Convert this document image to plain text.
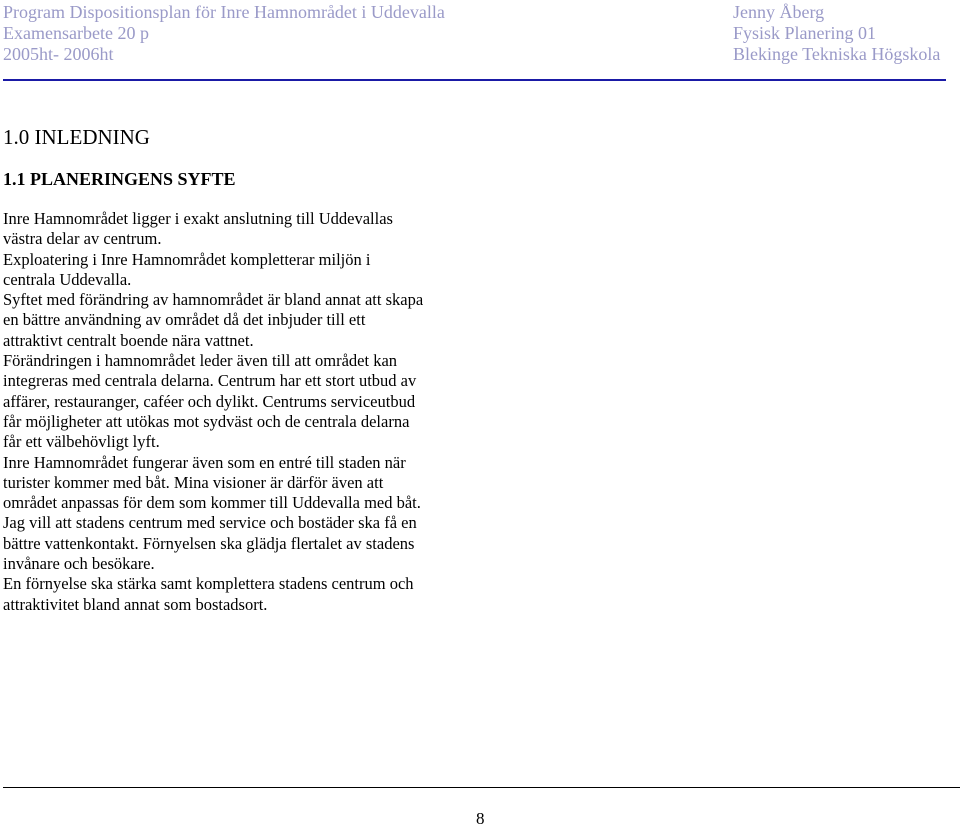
Program Dispositionsplan för Inre Hamnområdet i Uddevalla
Examensarbete 20 p
2005ht- 2006ht
Jenny Åberg
Fysisk Planering 01
Blekinge Tekniska Högskola
1.0 INLEDNING
1.1 PLANERINGENS SYFTE
Inre Hamnområdet ligger i exakt anslutning till Uddevallas
västra delar av centrum.
Exploatering i Inre Hamnområdet kompletterar miljön i
centrala Uddevalla.
Syftet med förändring av hamnområdet är bland annat att skapa
en bättre användning av området då det inbjuder till ett
attraktivt centralt boende nära vattnet.
Förändringen i hamnområdet leder även till att området kan
integreras med centrala delarna. Centrum har ett stort utbud av
affärer, restauranger, caféer och dylikt. Centrums serviceutbud
får möjligheter att utökas mot sydväst och de centrala delarna
får ett välbehövligt lyft.
Inre Hamnområdet fungerar även som en entré till staden när
turister kommer med båt. Mina visioner är därför även att
området anpassas för dem som kommer till Uddevalla med båt.
Jag vill att stadens centrum med service och bostäder ska få en
bättre vattenkontakt. Förnyelsen ska glädja flertalet av stadens
invånare och besökare.
En förnyelse ska stärka samt komplettera stadens centrum och
attraktivitet bland annat som bostadsort.
8
